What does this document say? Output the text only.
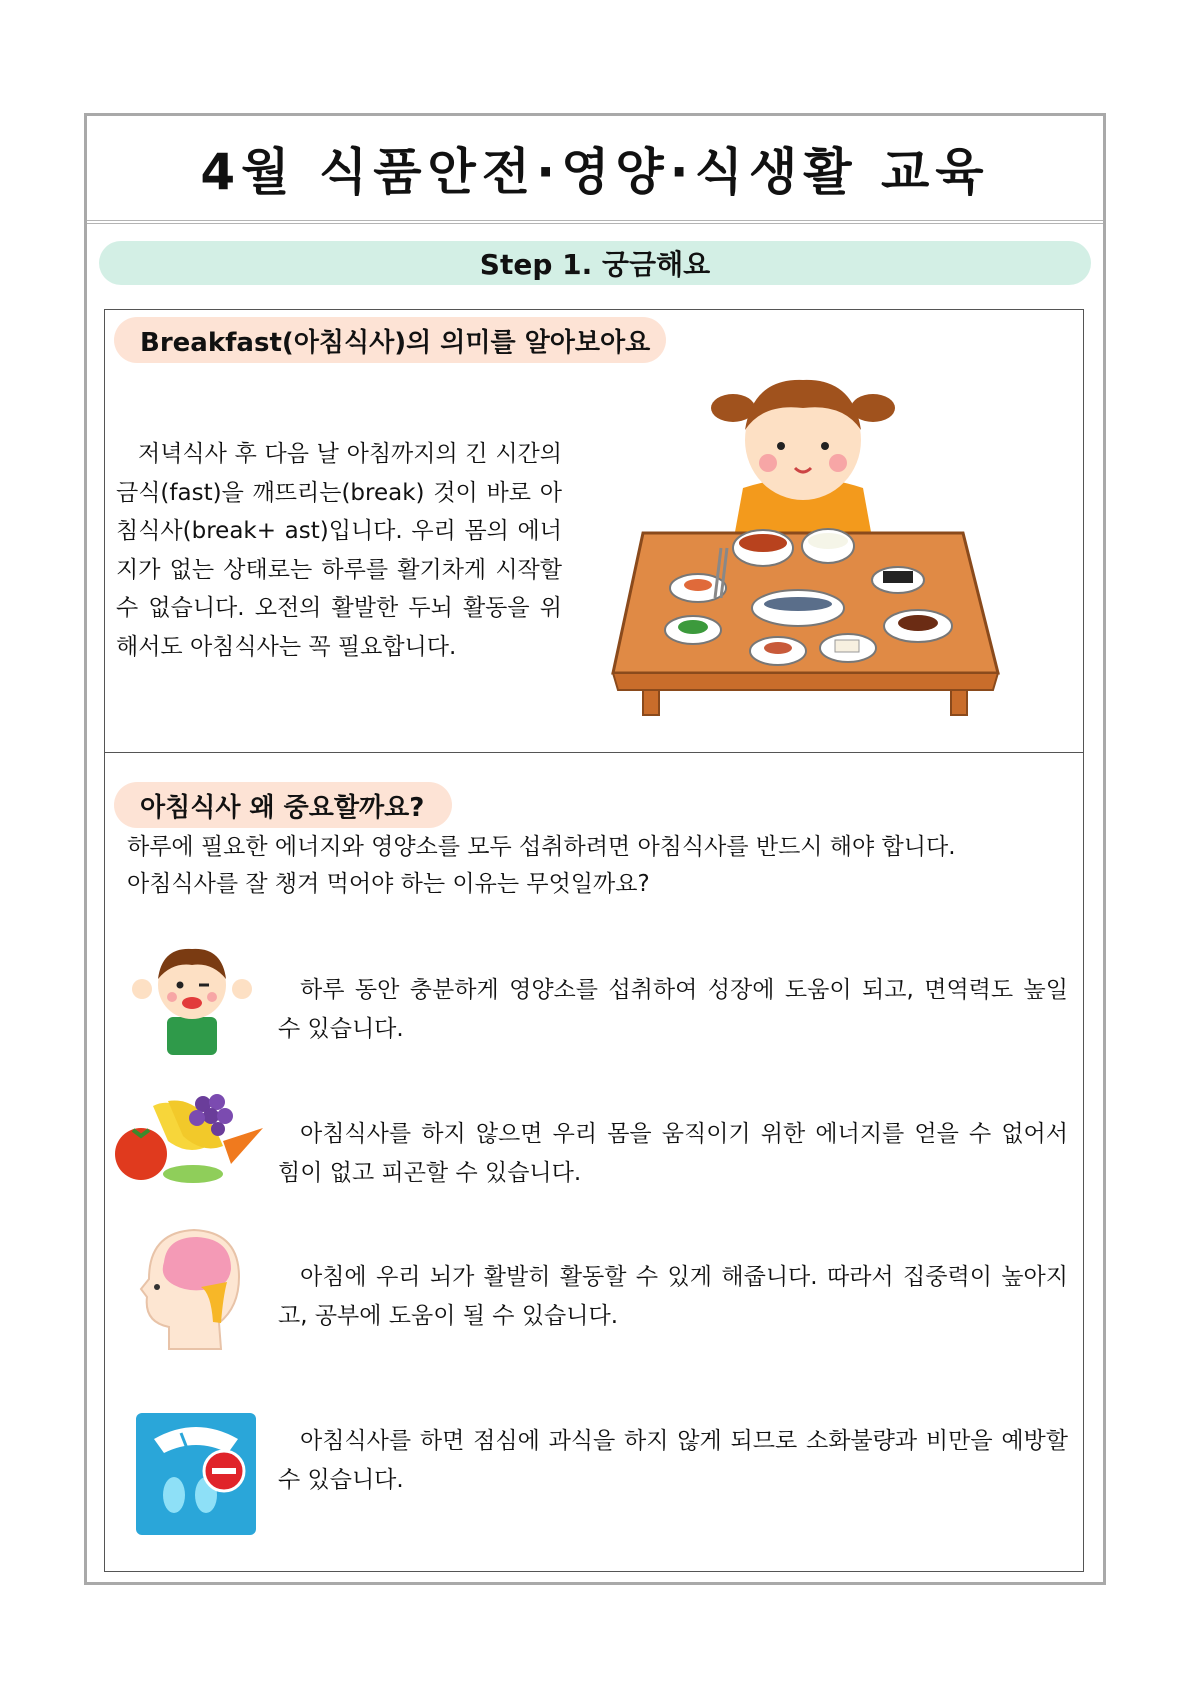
4월 식품안전·영양·식생활 교육
Step 1. 궁금해요
Breakfast(아침식사)의 의미를 알아보아요
저녁식사 후 다음 날 아침까지의 긴 시간의 금식(fast)을 깨뜨리는(break) 것이 바로 아침식사(break+ ast)입니다. 우리 몸의 에너지가 없는 상태로는 하루를 활기차게 시작할 수 없습니다. 오전의 활발한 두뇌 활동을 위해서도 아침식사는 꼭 필요합니다.
아침식사 왜 중요할까요?
하루에 필요한 에너지와 영양소를 모두 섭취하려면 아침식사를 반드시 해야 합니다.
아침식사를 잘 챙겨 먹어야 하는 이유는 무엇일까요?
하루 동안 충분하게 영양소를 섭취하여 성장에 도움이 되고, 면역력도 높일 수 있습니다.
아침식사를 하지 않으면 우리 몸을 움직이기 위한 에너지를 얻을 수 없어서 힘이 없고 피곤할 수 있습니다.
아침에 우리 뇌가 활발히 활동할 수 있게 해줍니다. 따라서 집중력이 높아지고, 공부에 도움이 될 수 있습니다.
아침식사를 하면 점심에 과식을 하지 않게 되므로 소화불량과 비만을 예방할 수 있습니다.
